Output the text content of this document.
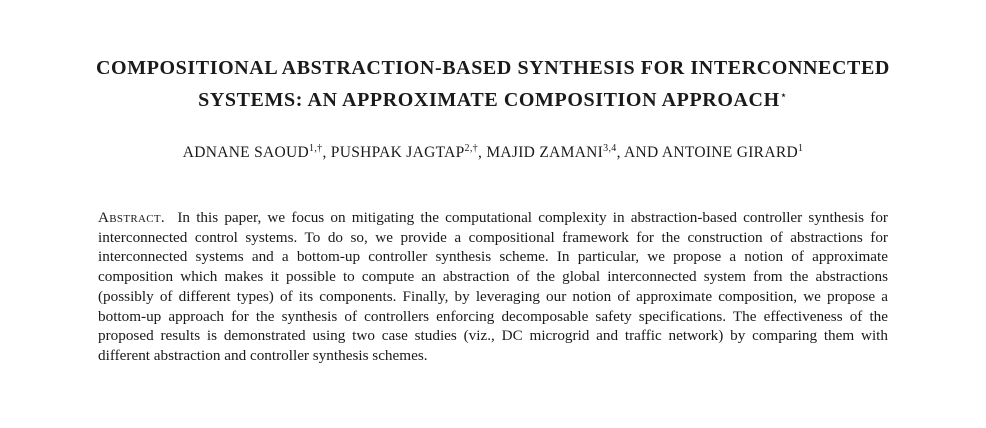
COMPOSITIONAL ABSTRACTION-BASED SYNTHESIS FOR INTERCONNECTED
SYSTEMS: AN APPROXIMATE COMPOSITION APPROACH⋆
ADNANE $SAOUD^{1,\dagger}$, PUSHPAK $JAGTAP^{2,\dagger}$, MAJID ZAMANI$^{3,4}$, AND ANTOINE GIRARD$^1$
Abstract. In this paper, we focus on mitigating the computational complexity in abstraction-based controller synthesis for interconnected control systems. To do so, we provide a compositional framework for the construction of abstractions for interconnected systems and a bottom-up controller synthesis scheme. In particular, we propose a notion of approximate composition which makes it possible to compute an abstraction of the global interconnected system from the abstractions (possibly of different types) of its components. Finally, by leveraging our notion of approximate composition, we propose a bottom-up approach for the synthesis of controllers enforcing decomposable safety specifications. The effectiveness of the proposed results is demonstrated using two case studies (viz., DC microgrid and traffic network) by comparing them with different abstraction and controller synthesis schemes.
